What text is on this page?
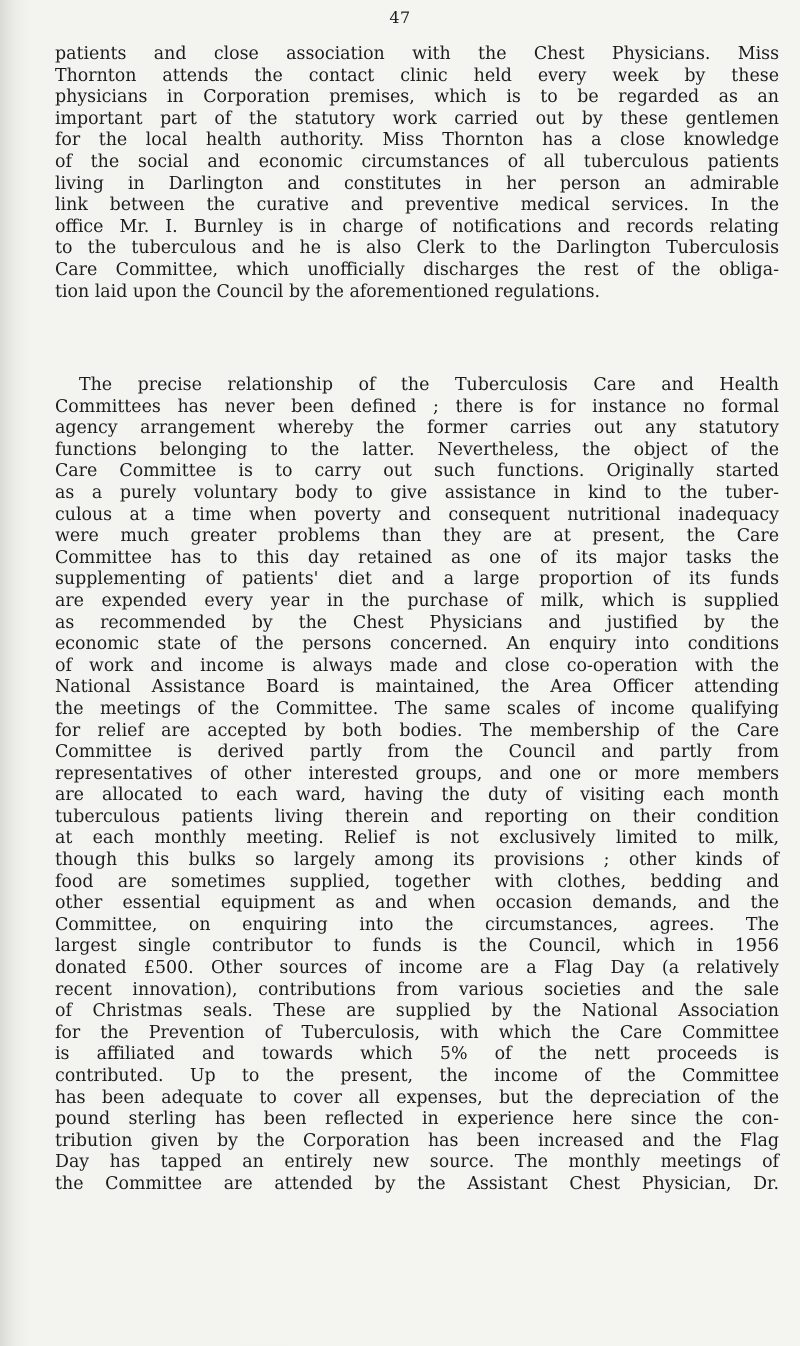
47
patients and close association with the Chest Physicians. Miss
Thornton attends the contact clinic held every week by these
physicians in Corporation premises, which is to be regarded as an
important part of the statutory work carried out by these gentlemen
for the local health authority. Miss Thornton has a close knowledge
of the social and economic circumstances of all tuberculous patients
living in Darlington and constitutes in her person an admirable
link between the curative and preventive medical services. In the
office Mr. I. Burnley is in charge of notifications and records relating
to the tuberculous and he is also Clerk to the Darlington Tuberculosis
Care Committee, which unofficially discharges the rest of the obliga-
tion laid upon the Council by the aforementioned regulations.
The precise relationship of the Tuberculosis Care and Health
Committees has never been defined ; there is for instance no formal
agency arrangement whereby the former carries out any statutory
functions belonging to the latter. Nevertheless, the object of the
Care Committee is to carry out such functions. Originally started
as a purely voluntary body to give assistance in kind to the tuber-
culous at a time when poverty and consequent nutritional inadequacy
were much greater problems than they are at present, the Care
Committee has to this day retained as one of its major tasks the
supplementing of patients' diet and a large proportion of its funds
are expended every year in the purchase of milk, which is supplied
as recommended by the Chest Physicians and justified by the
economic state of the persons concerned. An enquiry into conditions
of work and income is always made and close co-operation with the
National Assistance Board is maintained, the Area Officer attending
the meetings of the Committee. The same scales of income qualifying
for relief are accepted by both bodies. The membership of the Care
Committee is derived partly from the Council and partly from
representatives of other interested groups, and one or more members
are allocated to each ward, having the duty of visiting each month
tuberculous patients living therein and reporting on their condition
at each monthly meeting. Relief is not exclusively limited to milk,
though this bulks so largely among its provisions ; other kinds of
food are sometimes supplied, together with clothes, bedding and
other essential equipment as and when occasion demands, and the
Committee, on enquiring into the circumstances, agrees. The
largest single contributor to funds is the Council, which in 1956
donated £500. Other sources of income are a Flag Day (a relatively
recent innovation), contributions from various societies and the sale
of Christmas seals. These are supplied by the National Association
for the Prevention of Tuberculosis, with which the Care Committee
is affiliated and towards which 5% of the nett proceeds is
contributed. Up to the present, the income of the Committee
has been adequate to cover all expenses, but the depreciation of the
pound sterling has been reflected in experience here since the con-
tribution given by the Corporation has been increased and the Flag
Day has tapped an entirely new source. The monthly meetings of
the Committee are attended by the Assistant Chest Physician, Dr.
